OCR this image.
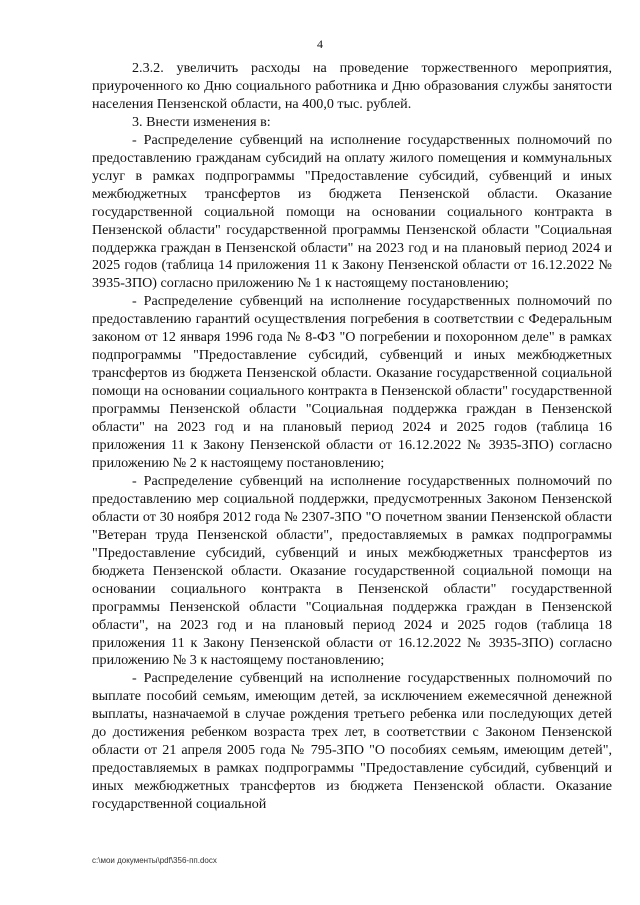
4

2.3.2. увеличить расходы на проведение торжественного мероприятия, приуроченного ко Дню социального работника и Дню образования службы занятости населения Пензенской области, на 400,0 тыс. рублей.

3. Внести изменения в:

- Распределение субвенций на исполнение государственных полномочий по предоставлению гражданам субсидий на оплату жилого помещения и коммунальных услуг в рамках подпрограммы "Предоставление субсидий, субвенций и иных межбюджетных трансфертов из бюджета Пензенской области. Оказание государственной социальной помощи на основании социального контракта в Пензенской области" государственной программы Пензенской области "Социальная поддержка граждан в Пензенской области" на 2023 год и на плановый период 2024 и 2025 годов (таблица 14 приложения 11 к Закону Пензенской области от 16.12.2022 № 3935-ЗПО) согласно приложению № 1 к настоящему постановлению;

- Распределение субвенций на исполнение государственных полномочий по предоставлению гарантий осуществления погребения в соответствии с Федеральным законом от 12 января 1996 года № 8-ФЗ "О погребении и похоронном деле" в рамках подпрограммы "Предоставление субсидий, субвенций и иных межбюджетных трансфертов из бюджета Пензенской области. Оказание государственной социальной помощи на основании социального контракта в Пензенской области" государственной программы Пензенской области "Социальная поддержка граждан в Пензенской области" на 2023 год и на плановый период 2024 и 2025 годов (таблица 16 приложения 11 к Закону Пензенской области от 16.12.2022 № 3935-ЗПО) согласно приложению № 2 к настоящему постановлению;

- Распределение субвенций на исполнение государственных полномочий по предоставлению мер социальной поддержки, предусмотренных Законом Пензенской области от 30 ноября 2012 года № 2307-ЗПО "О почетном звании Пензенской области "Ветеран труда Пензенской области", предоставляемых в рамках подпрограммы "Предоставление субсидий, субвенций и иных межбюджетных трансфертов из бюджета Пензенской области. Оказание государственной социальной помощи на основании социального контракта в Пензенской области" государственной программы Пензенской области "Социальная поддержка граждан в Пензенской области", на 2023 год и на плановый период 2024 и 2025 годов (таблица 18 приложения 11 к Закону Пензенской области от 16.12.2022 № 3935-ЗПО) согласно приложению № 3 к настоящему постановлению;

- Распределение субвенций на исполнение государственных полномочий по выплате пособий семьям, имеющим детей, за исключением ежемесячной денежной выплаты, назначаемой в случае рождения третьего ребенка или последующих детей до достижения ребенком возраста трех лет, в соответствии с Законом Пензенской области от 21 апреля 2005 года № 795-ЗПО "О пособиях семьям, имеющим детей", предоставляемых в рамках подпрограммы "Предоставление субсидий, субвенций и иных межбюджетных трансфертов из бюджета Пензенской области. Оказание государственной социальной

c:\мои документы\pdf\356-пп.docx
